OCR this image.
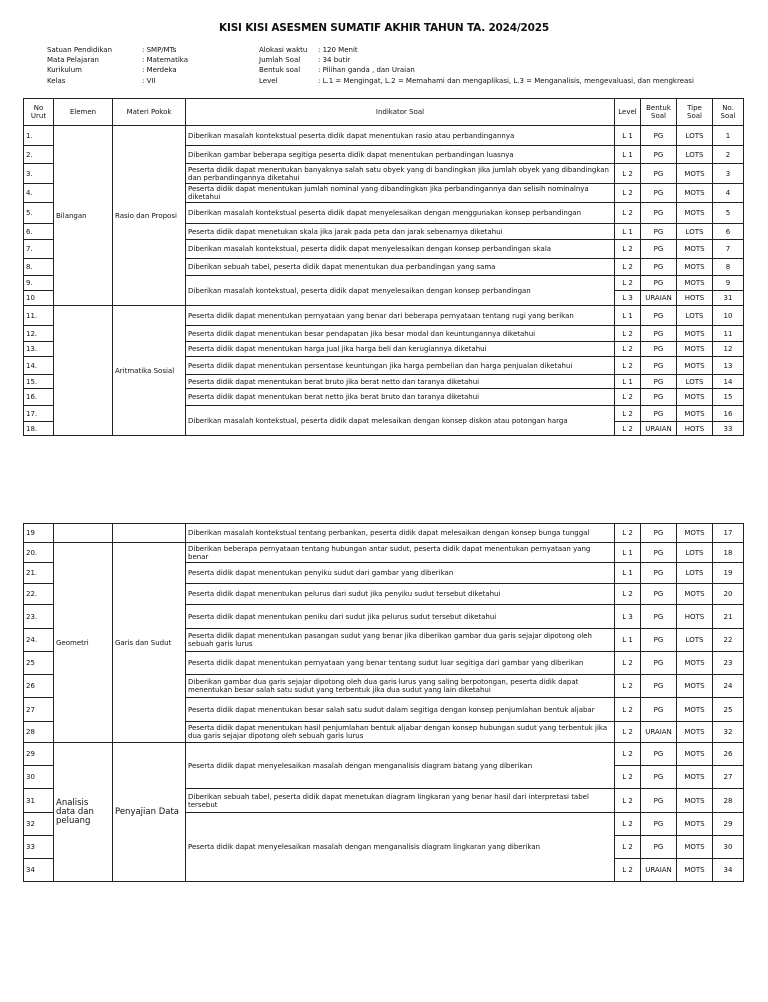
KISI KISI ASESMEN SUMATIF AKHIR TAHUN TA. 2024/2025
Satuan Pendidikan	: SMP/MTs
Mata Pelajaran	: Matematika
Kurikulum	: Merdeka
Kelas	: VII
Alokasi waktu : 120 Menit
Jumlah Soal	: 34 butir
Bentuk soal	: Pilihan ganda , dan Uraian
Level	: L.1 = Mengingat, L.2 = Memahami dan mengaplikasi, L.3 = Menganalisis, mengevaluasi, dan mengkreasi
No Urut	Elemen	Materi Pokok	Indikator Soal	Level	Bentuk Soal	Tipe Soal	No. Soal
1.	Bilangan	Rasio dan Proposi	Diberikan masalah kontekstual peserta didik dapat menentukan rasio atau perbandingannya	L 1	PG	LOTS	1
2.			Diberikan gambar beberapa segitiga peserta didik dapat menentukan perbandingan luasnya	L 1	PG	LOTS	2
3.			Peserta didik dapat menentukan banyaknya salah satu obyek yang di bandingkan jika jumlah obyek yang dibandingkan dan perbandingannya diketahui	L 2	PG	MOTS	3
4.			Peserta didik dapat menentukan jumlah nominal yang dibandingkan jika perbandingannya dan selisih nominalnya diketahui	L 2	PG	MOTS	4
5.			Diberikan masalah kontekstual peserta didik dapat menyelesaikan dengan menggunakan konsep perbandingan	L 2	PG	MOTS	5
6.			Peserta didik dapat menetukan skala jika jarak pada peta dan jarak sebenarnya diketahui	L 1	PG	LOTS	6
7.			Diberikan masalah kontekstual, peserta didik dapat menyelesaikan dengan konsep perbandingan skala	L 2	PG	MOTS	7
8.			Diberikan sebuah tabel, peserta didik dapat menentukan dua perbandingan yang sama	L 2	PG	MOTS	8
9.			Diberikan masalah kontekstual, peserta didik dapat menyelesaikan dengan konsep perbandingan	L 2	PG	MOTS	9
10				L 3	URAIAN	HOTS	31
11.		Aritmatika Sosial	Peserta didik dapat menentukan pernyataan yang benar dari beberapa pernyataan tentang rugi yang berikan	L 1	PG	LOTS	10
12.			Peserta didik dapat menentukan besar pendapatan jika besar modal dan keuntungannya diketahui	L 2	PG	MOTS	11
13.			Peserta didik dapat menentukan harga jual jika harga beli dan kerugiannya diketahui	L 2	PG	MOTS	12
14.			Peserta didik dapat menentukan persentase keuntungan jika harga pembelian dan harga penjualan diketahui	L 2	PG	MOTS	13
15.			Peserta didik dapat menentukan berat bruto jika berat netto dan taranya diketahui	L 1	PG	LOTS	14
16.			Peserta didik dapat menentukan berat netto jika berat bruto dan taranya diketahui	L 2	PG	MOTS	15
17.			Diberikan masalah kontekstual, peserta didik dapat melesaikan dengan konsep diskon atau potongan harga	L 2	PG	MOTS	16
18.				L 2	URAIAN	HOTS	33
19			Diberikan masalah kontekstual tentang perbankan, peserta didik dapat melesaikan dengan konsep bunga tunggal	L 2	PG	MOTS	17
20.	Geometri	Garis dan Sudut	Diberikan beberapa pernyataan tentang hubungan antar sudut, peserta didik dapat menentukan pernyataan yang benar	L 1	PG	LOTS	18
21.			Peserta didik dapat menentukan penyiku sudut dari gambar yang diberikan	L 1	PG	LOTS	19
22.			Peserta didik dapat menentukan pelurus dari sudut jika penyiku sudut tersebut diketahui	L 2	PG	MOTS	20
23.			Peserta didik dapat menentukan peniku dari sudut jika pelurus sudut tersebut diketahui	L 3	PG	HOTS	21
24.			Peserta didik dapat menentukan pasangan sudut yang benar jika diberikan gambar dua garis sejajar dipotong oleh sebuah garis lurus	L 1	PG	LOTS	22
25			Peserta didik dapat menentukan pernyataan yang benar tentang sudut luar segitiga dari gambar yang diberikan	L 2	PG	MOTS	23
26			Diberikan gambar dua garis sejajar dipotong oleh dua garis lurus yang saling berpotongan, peserta didik dapat menentukan besar salah satu sudut yang terbentuk jika dua sudut yang lain diketahui	L 2	PG	MOTS	24
27			Peserta didik dapat menentukan besar salah satu sudut dalam segitiga dengan konsep penjumlahan bentuk aljabar	L 2	PG	MOTS	25
28			Peserta didik dapat menentukan hasil penjumlahan bentuk aljabar dengan konsep hubungan sudut yang terbentuk jika dua garis sejajar dipotong oleh sebuah garis lurus	L 2	URAIAN	MOTS	32
29	Analisis data dan peluang	Penyajian Data	Peserta didik dapat menyelesaikan masalah dengan menganalisis diagram batang yang diberikan	L 2	PG	MOTS	26
30				L 2	PG	MOTS	27
31			Diberikan sebuah tabel, peserta didik dapat menetukan diagram lingkaran yang benar hasil dari interpretasi tabel tersebut	L 2	PG	MOTS	28
32			Peserta didik dapat menyelesaikan masalah dengan menganalisis diagram lingkaran yang diberikan	L 2	PG	MOTS	29
33				L 2	PG	MOTS	30
34				L 2	URAIAN	MOTS	34
